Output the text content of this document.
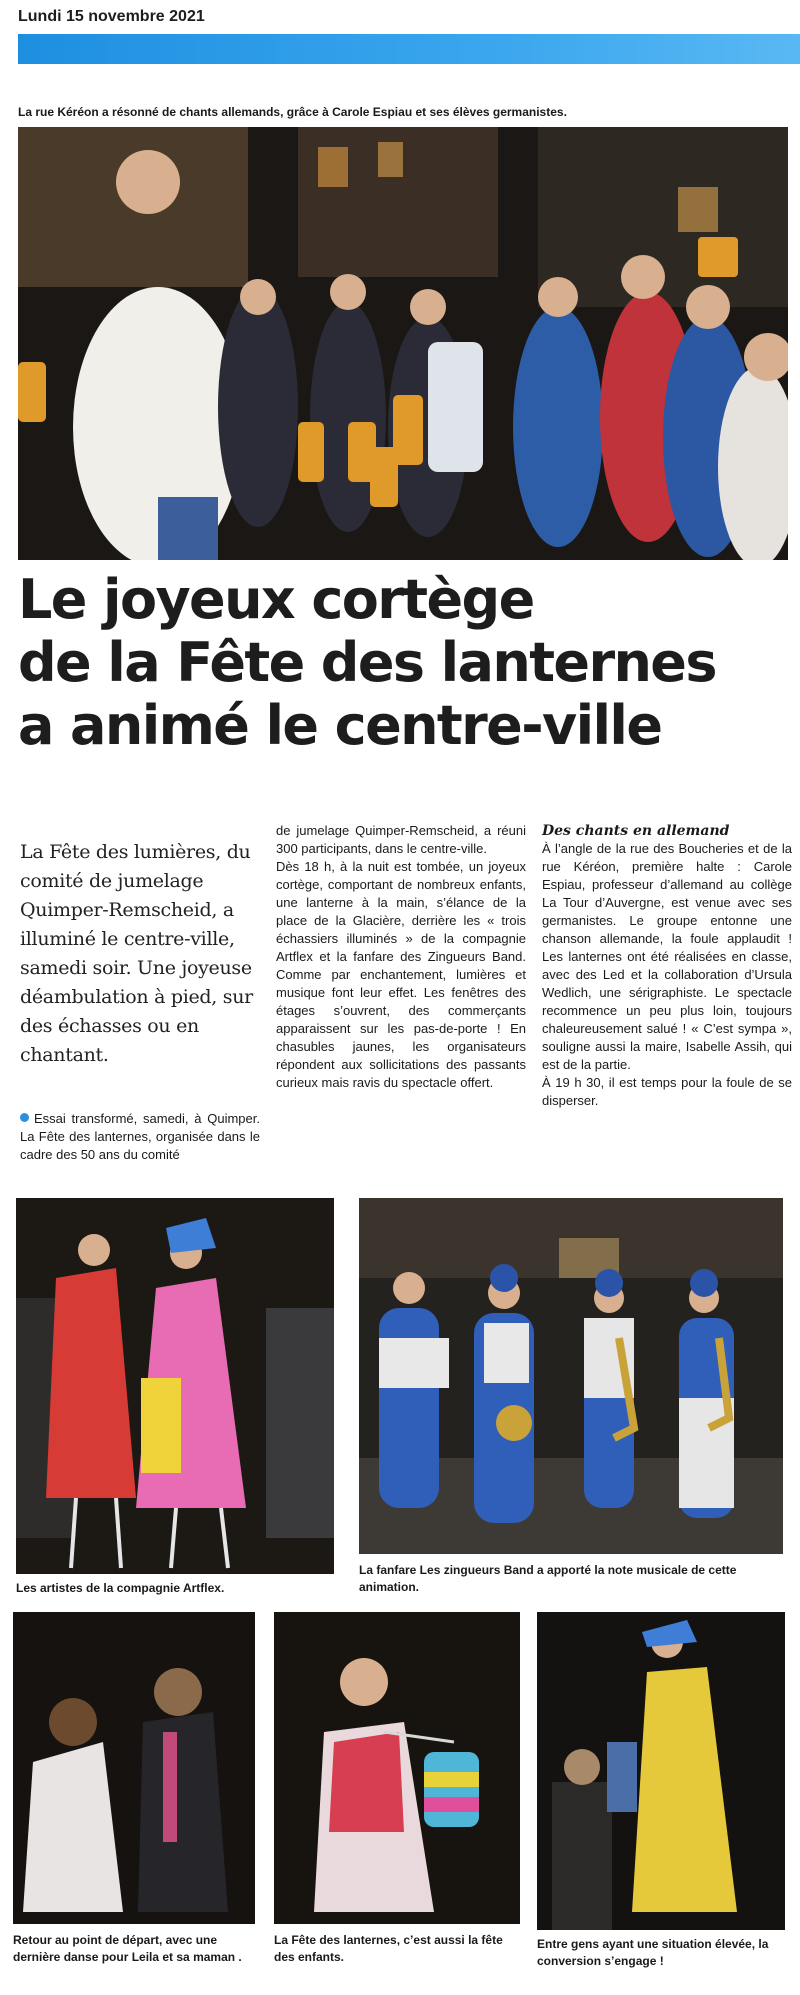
Lundi 15 novembre 2021
La rue Kéréon a résonné de chants allemands, grâce à Carole Espiau et ses élèves germanistes.
Le joyeux cortège
de la Fête des lanternes
a animé le centre-ville
La Fête des lumières, du comité de jumelage Quimper-Remscheid, a illuminé le centre-ville, samedi soir. Une joyeuse déambulation à pied, sur des échasses ou en chantant.
Essai transformé, samedi, à Quimper. La Fête des lanternes, organisée dans le cadre des 50 ans du comité

de jumelage Quimper-Remscheid, a réuni 300 participants, dans le centre-ville.

Dès 18 h, à la nuit est tombée, un joyeux cortège, comportant de nombreux enfants, une lanterne à la main, s’élance de la place de la Glacière, derrière les « trois échassiers illuminés » de la compagnie Artflex et la fanfare des Zingueurs Band. Comme par enchantement, lumières et musique font leur effet. Les fenêtres des étages s’ouvrent, des commerçants apparaissent sur les pas-de-porte ! En chasubles jaunes, les organisateurs répondent aux sollicitations des passants curieux mais ravis du spectacle offert.

Des chants en allemand

À l’angle de la rue des Boucheries et de la rue Kéréon, première halte : Carole Espiau, professeur d’allemand au collège La Tour d’Auvergne, est venue avec ses germanistes. Le groupe entonne une chanson allemande, la foule applaudit ! Les lanternes ont été réalisées en classe, avec des Led et la collaboration d’Ursula Wedlich, une sérigraphiste. Le spectacle recommence un peu plus loin, toujours chaleureusement salué ! « C’est sympa », souligne aussi la maire, Isabelle Assih, qui est de la partie.

À 19 h 30, il est temps pour la foule de se disperser.

Les artistes de la compagnie Artflex.
La fanfare Les zingueurs Band a apporté la note musicale de cette animation.
Retour au point de départ, avec une dernière danse pour Leila et sa maman .
La Fête des lanternes, c’est aussi la fête des enfants.
Entre gens ayant une situation élevée, la conversion s’engage !
